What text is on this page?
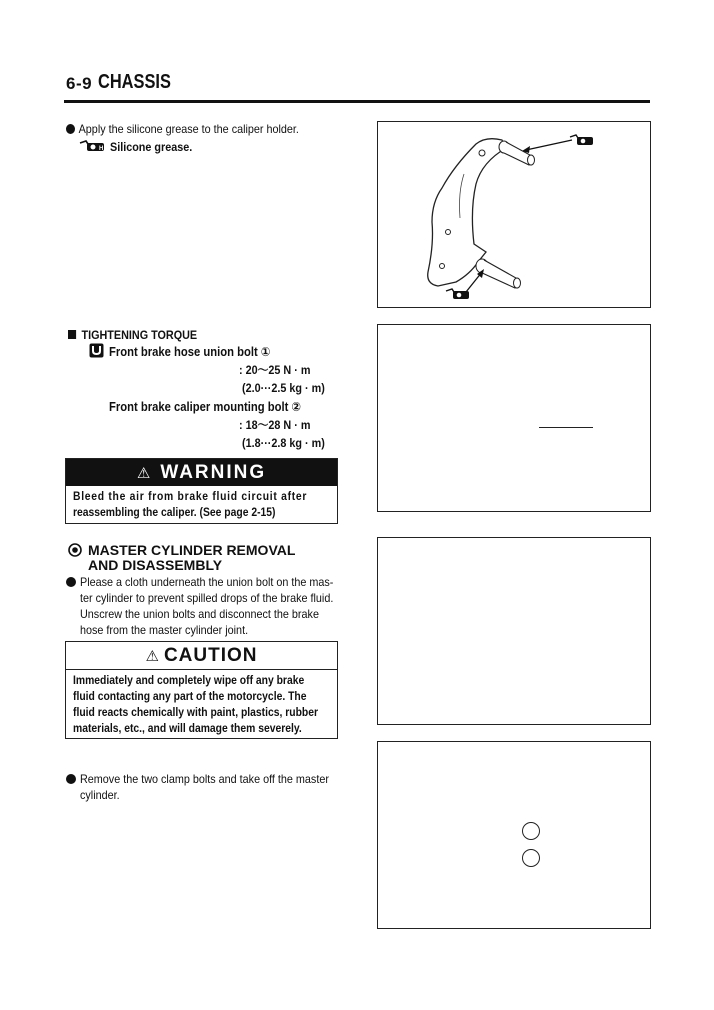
6-9 CHASSIS
Apply the silicone grease to the caliper holder.
H Silicone grease.
TIGHTENING TORQUE
Front brake hose union bolt ①
: 20～25 N · m
(2.0···2.5 kg · m)
Front brake caliper mounting bolt ②
: 18～28 N · m
(1.8···2.8 kg · m)
⚠ WARNING
Bleed the air from brake fluid circuit after
reassembling the caliper. (See page 2-15)
MASTER CYLINDER REMOVAL
AND DISASSEMBLY
Please a cloth underneath the union bolt on the mas-
ter cylinder to prevent spilled drops of the brake fluid.
Unscrew the union bolts and disconnect the brake
hose from the master cylinder joint.
⚠ CAUTION
Immediately and completely wipe off any brake
fluid contacting any part of the motorcycle. The
fluid reacts chemically with paint, plastics, rubber
materials, etc., and will damage them severely.
Remove the two clamp bolts and take off the master
cylinder.
